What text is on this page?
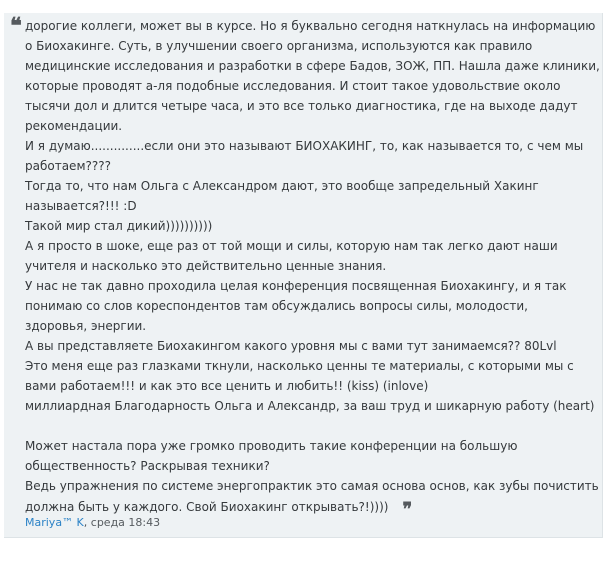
❝ дорогие коллеги, может вы в курсе. Но я буквально сегодня наткнулась на информацию
о Биохакинге. Суть, в улучшении своего организма, используются как правило
медицинские исследования и разработки в сфере Бадов, ЗОЖ, ПП. Нашла даже клиники,
которые проводят а-ля подобные исследования. И стоит такое удовольствие около
тысячи дол и длится четыре часа, и это все только диагностика, где на выходе дадут
рекомендации.
И я думаю..............если они это называют БИОХАКИНГ, то, как называется то, с чем мы
работаем????
Тогда то, что нам Ольга с Александром дают, это вообще запредельный Хакинг
называется?!!! :D
Такой мир стал дикий))))))))))
А я просто в шоке, еще раз от той мощи и силы, которую нам так легко дают наши
учителя и насколько это действительно ценные знания.
У нас не так давно проходила целая конференция посвященная Биохакингу, и я так
понимаю со слов кореспондентов там обсуждались вопросы силы, молодости,
здоровья, энергии.
А вы представляете Биохакингом какого уровня мы с вами тут занимаемся?? 80Lvl
Это меня еще раз глазками ткнули, насколько ценны те материалы, с которыми мы с
вами работаем!!! и как это все ценить и любить!! (kiss) (inlove)
миллиардная Благодарность Ольга и Александр, за ваш труд и шикарную работу (heart)
Может настала пора уже громко проводить такие конференции на большую
общественность? Раскрывая техники?
Ведь упражнения по системе энергопрактик это самая основа основ, как зубы почистить
должна быть у каждого. Свой Биохакинг открывать?!)))) ❞
Mariya™ K, среда 18:43
